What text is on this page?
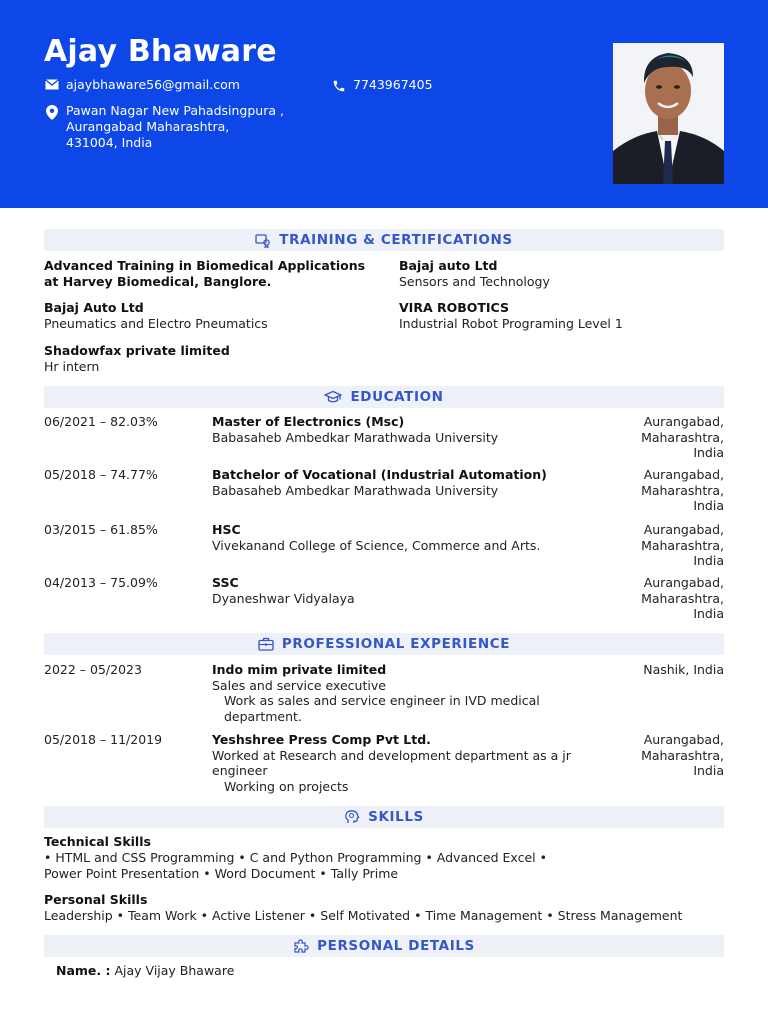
Ajay Bhaware
ajaybhaware56@gmail.com	7743967405
Pawan Nagar New Pahadsingpura ,
Aurangabad Maharashtra,
431004, India
TRAINING & CERTIFICATIONS
Advanced Training in Biomedical Applications at Harvey Biomedical, Banglore.
Bajaj auto Ltd
Sensors and Technology
Bajaj Auto Ltd
Pneumatics and Electro Pneumatics
VIRA ROBOTICS
Industrial Robot Programing Level 1
Shadowfax private limited
Hr intern
EDUCATION
06/2021 – 82.03%	Master of Electronics (Msc)
Babasaheb Ambedkar Marathwada University
Aurangabad,
Maharashtra,
India
05/2018 – 74.77%	Batchelor of Vocational (Industrial Automation)
Babasaheb Ambedkar Marathwada University
Aurangabad,
Maharashtra,
India
03/2015 – 61.85%	HSC
Vivekanand College of Science, Commerce and Arts.
Aurangabad,
Maharashtra,
India
04/2013 – 75.09%	SSC
Dyaneshwar Vidyalaya
Aurangabad,
Maharashtra,
India
PROFESSIONAL EXPERIENCE
2022 – 05/2023	Indo mim private limited
Sales and service executive
Work as sales and service engineer in IVD medical department.
Nashik, India
05/2018 – 11/2019	Yeshshree Press Comp Pvt Ltd.
Worked at Research and development department as a jr engineer
Working on projects
Aurangabad,
Maharashtra,
India
SKILLS
Technical Skills
• HTML and CSS Programming • C and Python Programming • Advanced Excel • Power Point Presentation • Word Document • Tally Prime
Personal Skills
Leadership • Team Work • Active Listener • Self Motivated • Time Management • Stress Management
PERSONAL DETAILS
Name. : Ajay Vijay Bhaware
